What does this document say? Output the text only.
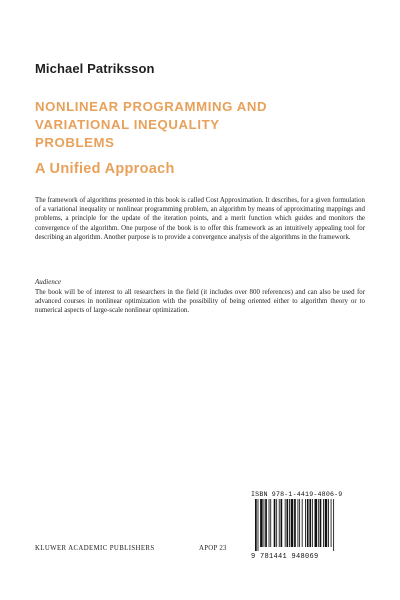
Michael Patriksson
NONLINEAR PROGRAMMING AND
VARIATIONAL INEQUALITY
PROBLEMS
A Unified Approach

The framework of algorithms presented in this book is called Cost Approximation. It describes, for a given formulation of a variational inequality or nonlinear programming problem, an algorithm by means of approximating mappings and problems, a principle for the update of the iteration points, and a merit function which guides and monitors the convergence of the algorithm. One purpose of the book is to offer this framework as an intuitively appealing tool for describing an algorithm. Another purpose is to provide a convergence analysis of the algorithms in the framework.

Audience

The book will be of interest to all researchers in the field (it includes over 800 references) and can also be used for advanced courses in nonlinear optimization with the possibility of being oriented either to algorithm theory or to numerical aspects of large-scale nonlinear optimization.

ISBN 978-1-4419-4806-9
9 781441 948069
KLUWER ACADEMIC PUBLISHERS	APOP 23
